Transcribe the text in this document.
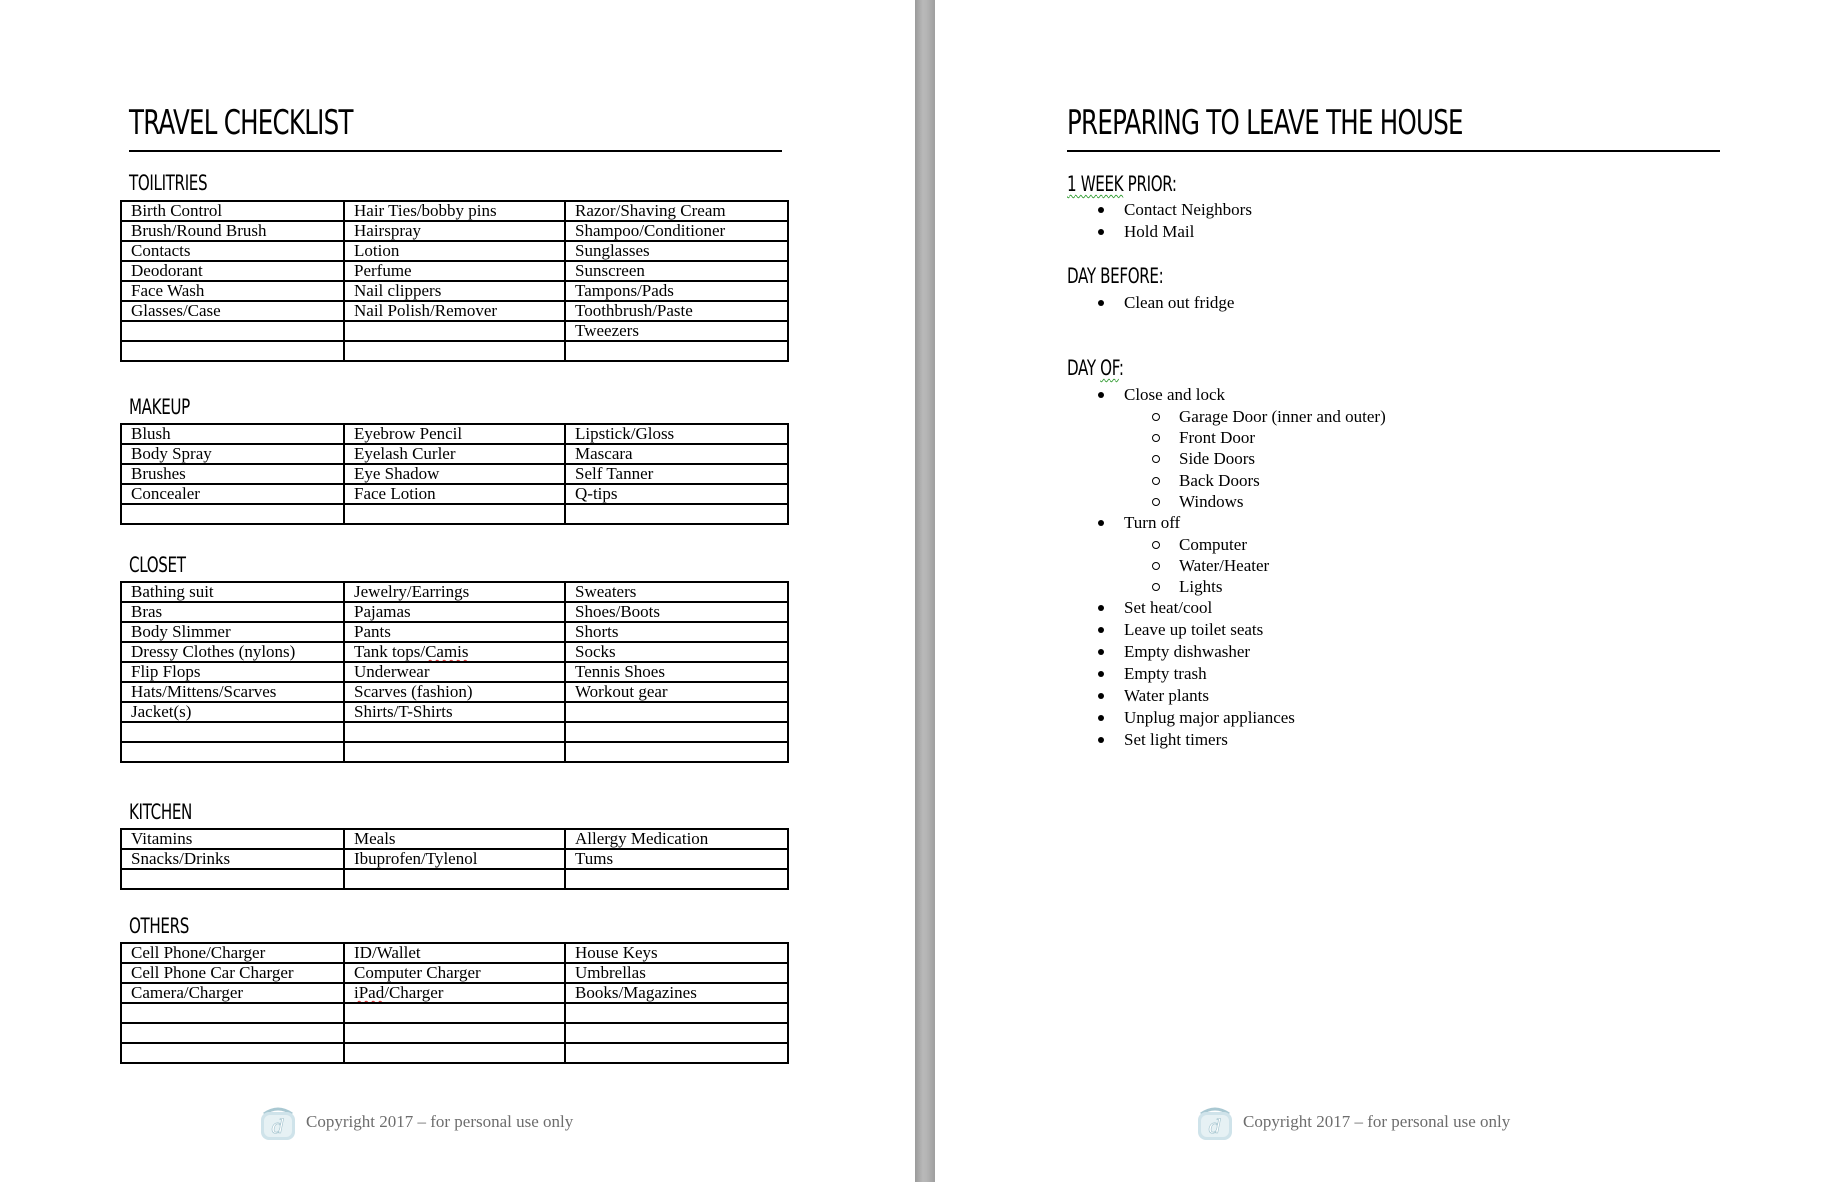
TRAVEL CHECKLIST
TOILITRIES
Birth Control	Hair Ties/bobby pins	Razor/Shaving Cream
Brush/Round Brush	Hairspray	Shampoo/Conditioner
Contacts	Lotion	Sunglasses
Deodorant	Perfume	Sunscreen
Face Wash	Nail clippers	Tampons/Pads
Glasses/Case	Nail Polish/Remover	Toothbrush/Paste
		Tweezers

MAKEUP
Blush	Eyebrow Pencil	Lipstick/Gloss
Body Spray	Eyelash Curler	Mascara
Brushes	Eye Shadow	Self Tanner
Concealer	Face Lotion	Q-tips

CLOSET
Bathing suit	Jewelry/Earrings	Sweaters
Bras	Pajamas	Shoes/Boots
Body Slimmer	Pants	Shorts
Dressy Clothes (nylons)	Tank tops/Camis	Socks
Flip Flops	Underwear	Tennis Shoes
Hats/Mittens/Scarves	Scarves (fashion)	Workout gear
Jacket(s)	Shirts/T-Shirts	

KITCHEN
Vitamins	Meals	Allergy Medication
Snacks/Drinks	Ibuprofen/Tylenol	Tums

OTHERS
Cell Phone/Charger	ID/Wallet	House Keys
Cell Phone Car Charger	Computer Charger	Umbrellas
Camera/Charger	iPad/Charger	Books/Magazines

d Copyright 2017 – for personal use only
PREPARING TO LEAVE THE HOUSE
1 WEEK PRIOR:
Contact Neighbors
Hold Mail
DAY BEFORE:
Clean out fridge
DAY OF:
Close and lock
Garage Door (inner and outer)
Front Door
Side Doors
Back Doors
Windows
Turn off
Computer
Water/Heater
Lights
Set heat/cool
Leave up toilet seats
Empty dishwasher
Empty trash
Water plants
Unplug major appliances
Set light timers
d Copyright 2017 – for personal use only
